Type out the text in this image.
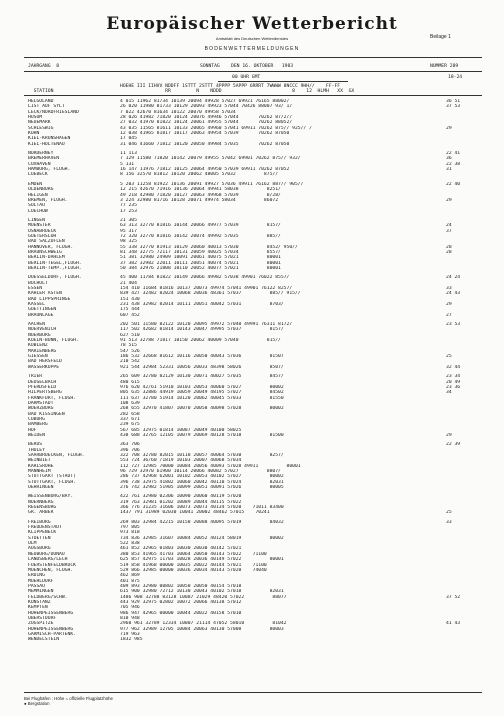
Europäischer Wetterbericht
Amtsblatt des Deutschen Wetterdienstes	Beilage 1
BODENWETTERMELDUNGEN
JAHRGANG  8	SONNTAG    DEN 16. OKTOBER   1983	NUMMER 289
00 UHR GMT	18-24

STATION

HOEHE III IIHVV NDDFF 1STTT 2STTT 4PPPP 5APPP 6RRRT 7WWWW 8NCCC 9HH//    FF-FF
RR         N    NDDD                         8    12  HLMH   XX  GX
HELGOLAND	4 015 11962 81734 10139 20094 49928 57027 69921 76165 88002/	36 51
LIST AUF SYLT	26 020 11980 81733 10129 20093 49923 57044 70426 88007 93/ 1/	37 53
LECK/NORDFRIESLAND	7 022 42670 81634 10122 20070 49958 57034
HUSUM	28 026 41982 71820 10124 20076 49946 57044       70262 87/2//
NEUEMARK	27 032 41970 81822 10124 20061 49955 57044       70262 88052/
SCHLESWIG	43 035 11565 81611 10133 20065 49960 57041 69911 70262 875// 925// /	29
KOHN	12 038 41965 81817 10117 20063 49954 57039       70262 87050
KIEL-KRONSHAGEN	17 045
KIEL-HOLTENAU	31 046 41660 71812 10120 20050 49984 57035       70262 87050
NORDERNEY	11 113	22 41
BREMERHAVEN	7 129 11580 71820 10142 20079 49955 57042 69901 70262 875// 932/	36
CUXHAVEN	5 131	22 38
HAMBURG, FLUGH.	16 147 11976 71812 10125 20064 49950 57039 69911 70262 87052	31
LUEBECK	8 156 32570 81812 10120 20062 48005 57032          875//
EMDEN	5 203 11258 81922 10136 20091 49927 57036 49911 76162 887// 905//	22 40
OLDENBURG	12 215 42670 71916 10136 20064 49941 58038          8251/
HELIGEN	49 218 42980 71820 10127 20063 49968 57039          8/28/
BREMEN, FLUGH.	3 224 32980 81716 10128 20071 49974 58034          86072	29
SOLTAU	77 235
LUECHOW	17 253
LINGEN	21 305
MUENSTER	63 313 32770 81816 10144 20066 49977 57039          8157/	24
OSNABRUECK	95 317	37
GUETERSLOH	72 320 32770 81816 10142 20074 49992 57035          885//
BAD SALZUFLEN	98 325
HANNOVER, FLUGH.	55 338 32770 81913 10129 20060 40013 57030          8452/ 950//	28
BRAUNSCHWEIG	81 348 32775 72117 10131 20059 40025 57034          8557/	28
BERLIN-DAHLEM	51 381 32980 24909 10091 20061 40075 57021          80001
BERLIN-TEGEL,FLUGH.	37 382 32982 22011 10111 20051 40074 57021          80001
BERLIN-TEMP.,FLUGH.	50 384 32976 21808 10110 20052 40077 57021          80001
DUESSELDORF, FLUGH.	45 400 11784 81822 10149 20066 49982 57038 49901 76022 8557/	24 24
BOCHOLT	21 404
ESSEN	154 410 11684 81816 10137 20073 49974 57041 49901 76122 8257/	33
KAHLER ASTEN	839 427 32482 82024 10068 20036 48361 57037          885// 915//	24 43
BAD LIPPSPRINGE	151 430
KASSEL	231 438 32982 82014 10111 20051 40042 57031          8703/	29
GOETTINGEN	175 444
BRAUNLAGE	607 452	27
AACHEN	202 501 11580 82122 10120 20095 49972 57040 49991 76311 8172/	23 53
NOERVENICH	117 502 42682 81814 10143 20047 49995 57037          8157/
NUERBURG	627 510
KOELN-BONN, FLUGH.	91 513 32788 71817 10150 20062 40009 57040          815//
KOBLENZ	78 515
MARIENBERG	547 526
GIESSEN	186 532 32668 81612 10116 20050 40043 57036          81507	25
BAD HERSFELD	210 542
WASSERKUPPE	921 544 32984 52331 10056 20033 48398 58026          8507/	32 44
TRIER	265 609 32780 82129 10130 20071 40027 57035          8457/	23 34
DEUSELBACH	480 615	20 49
PFERDSFELD	976 620 42/61 51910 10103 20053 40060 57027          80002	23 36
HILPERTSBERG	805 635 32886 44919 10059 20049 48195 57027          84502	34
FRANKFURT, FLUGH.	111 637 32780 51914 10120 20062 40045 57033          81550
DARMSTADT	108 639
WUERZBURG	268 655 32970 41807 10070 20058 40098 57028          80002
BAD KISSINGEN	282 658
COBURG	337 671
BAMBERG	239 675
HOF	567 685 32975 01814 10087 20049 40100 58025
WEIDEN	438 688 32765 12105 10079 20069 40128 57018          81500	29
BERUS	363 706	22 39
THOLEY	396 706
SAARBRUECKEN, FLUGH.	322 708 32780 82015 10118 20057 40064 57030          8257/
WEINBIET	553 724 36/60 /1819 10103 20007 40068 57034
KARLSRUHE	112 727 12985 70000 10084 20056 40093 57028 49911          80001
MANNHEIM	96 729 32970 61900 10114 20066 40082 57027          8807/
STUTTGART (STADT)	286 737 42968 62001 10102 20053 40102 57027          80002
STUTTGART, FLUGH.	396 738 32975 41802 10060 20042 40110 57024          82031
OEHRINGEN	276 742 32982 51905 10099 20051 40091 57026          80005
WEISSENBURG/BAY.	422 761 32980 02306 10090 20060 40119 57020
NUERNBERG	319 763 32981 01202 10089 20044 40115 57022
REGENSBURG	366 776 31235 31606 10073 20073 40134 57020    71011 83400
GR. ARBER	1437 791 31989 02030 10041 20002 48462 57015    70241	25
FREIBURG	269 803 32984 42215 10158 20088 40095 57019          84032	33
FREUDENSTADT	797 805
KLIPPENECK	973 818
STOETTEN	734 836 32985 31607 10084 20052 40124 58019          80002
ULM	522 838
AUGSBURG	461 852 32965 01803 10030 20030 40142 57021
NEUBURG/DONAU	380 853 41965 41703 10064 20050 40143 57022    71100
LANDSBERG/LECH	625 857 42975 11703 10028 20036 40149 57022          80001
FUERSTENFELDBRUCK	519 858 41968 00000 10035 20022 40144 57021    71100
MUENCHEN, FLUGH.	529 866 32985 00000 10036 20034 40143 57020    74040
ERDING	462 869
MUEHLDORF	401 875
PASSAU	409 893 32980 00802 10050 20050 40154 57018
MEMMINGEN	615 900 32980 72712 10130 20043 40102 57018          82031
FELDBERG/SCHW.	1486 908 32788 83128 10087 21029 48420 57022          88077	37 52
KONSTANZ	443 929 32975 02802 10072 20066 40138 57012
KEMPTEN	705 946
HOHENPEISSENBERG	986 947 42965 00000 10044 20022 40158 57010
OBERSTDORF	810 948
ZUGSPITZE	2960 961 32789 12334 10007 21114 47052 58010          81042	41 43
HOHENPEISSENBERG	977 962 32989 12705 10084 20063 40130 57008          80003
GARMISCH-PARTENK.	719 963
WENDELSTEIN	1832 985
Bei Flughäfen : Höhe = offizielle Flugplatzhöhe
● Bergstation
